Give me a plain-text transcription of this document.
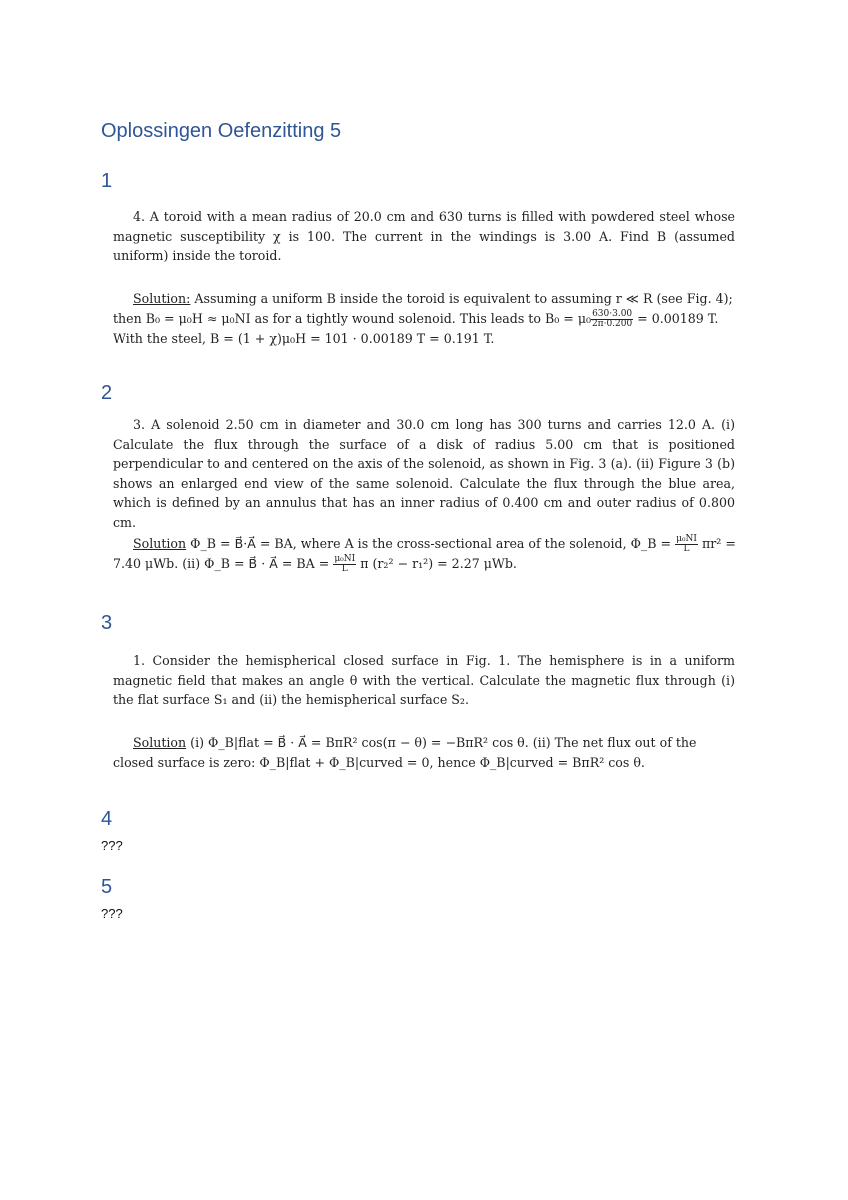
Oplossingen Oefenzitting 5
1
4. A toroid with a mean radius of 20.0 cm and 630 turns is filled with powdered steel whose magnetic susceptibility χ is 100. The current in the windings is 3.00 A. Find B (assumed uniform) inside the toroid.
Solution: Assuming a uniform B inside the toroid is equivalent to assuming r ≪ R (see Fig. 4);
then B₀ = μ₀H ≈ μ₀NI as for a tightly wound solenoid. This leads to $B_0 = \mu_0 \frac{630\cdot 3.00}{2\pi\cdot 0.200} = 0.00189$ T.
With the steel, B = (1 + χ)μ₀H = 101 · 0.00189 T = 0.191 T.
2
3. A solenoid 2.50 cm in diameter and 30.0 cm long has 300 turns and carries 12.0 A. (i) Calculate the flux through the surface of a disk of radius 5.00 cm that is positioned perpendicular to and centered on the axis of the solenoid, as shown in Fig. 3 (a). (ii) Figure 3 (b) shows an enlarged end view of the same solenoid. Calculate the flux through the blue area, which is defined by an annulus that has an inner radius of 0.400 cm and outer radius of 0.800 cm.
Solution Φ_B = B⃗·A⃗ = BA, where A is the cross-sectional area of the solenoid, Φ_B = $\frac{\text{μ₀NI}}{L} \pi r^2$ =
7.40 μWb. (ii) Φ_B = B⃗ · A⃗ = BA = $\frac{\text{μ₀NI}}{L}$ π (r₂² − r₁²) = 2.27 μWb.
3
1. Consider the hemispherical closed surface in Fig. 1. The hemisphere is in a uniform magnetic field that makes an angle θ with the vertical. Calculate the magnetic flux through (i) the flat surface S₁ and (ii) the hemispherical surface S₂.
Solution (i) Φ_B|flat = B⃗ · A⃗ = BπR² cos(π − θ) = −BπR² cos θ. (ii) The net flux out of the
closed surface is zero: Φ_B|flat + Φ_B|curved = 0, hence Φ_B|curved = BπR² cos θ.
4
???
5
???
